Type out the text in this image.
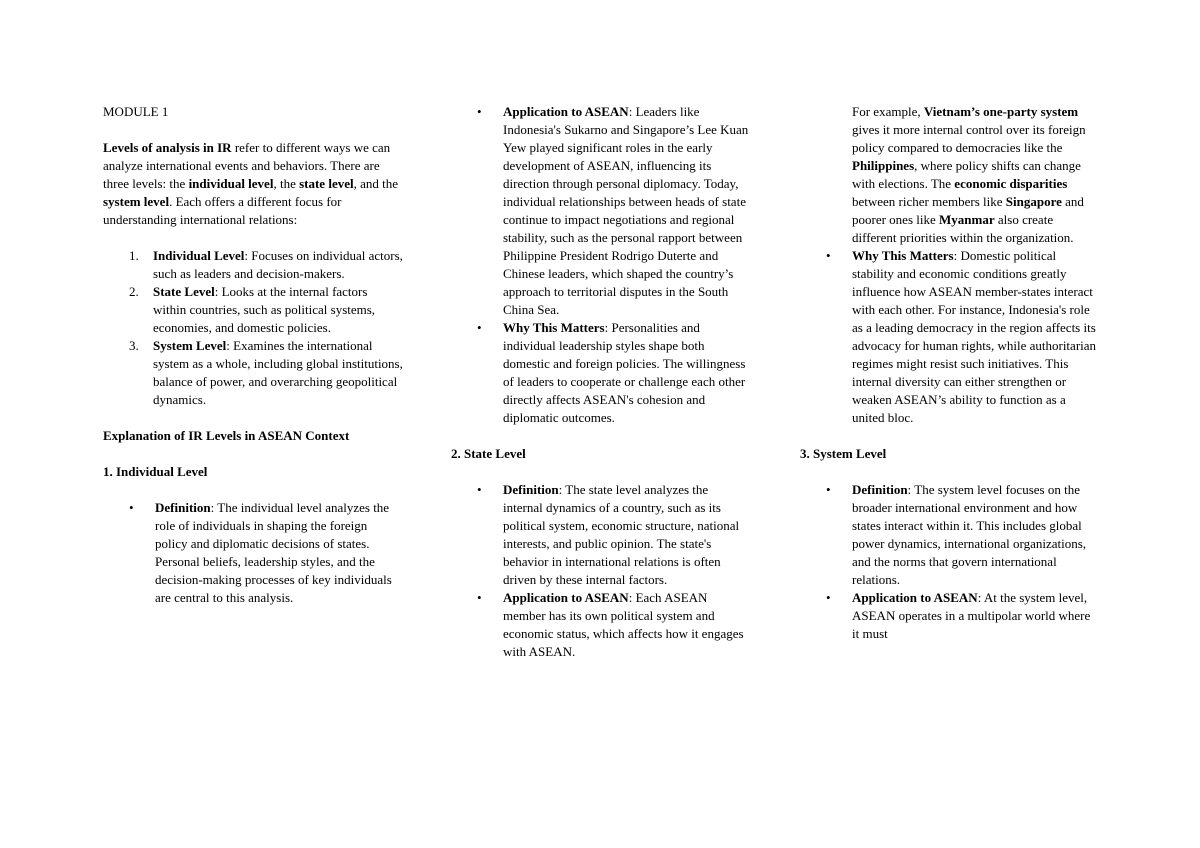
MODULE 1

Levels of analysis in IR refer to different ways we can analyze international events and behaviors. There are three levels: the individual level, the state level, and the system level. Each offers a different focus for understanding international relations:

1. Individual Level: Focuses on individual actors, such as leaders and decision-makers.
2. State Level: Looks at the internal factors within countries, such as political systems, economies, and domestic policies.
3. System Level: Examines the international system as a whole, including global institutions, balance of power, and overarching geopolitical dynamics.
Explanation of IR Levels in ASEAN Context
1. Individual Level
• Definition: The individual level analyzes the role of individuals in shaping the foreign policy and diplomatic decisions of states. Personal beliefs, leadership styles, and the decision-making processes of key individuals are central to this analysis.
• Application to ASEAN: Leaders like Indonesia's Sukarno and Singapore’s Lee Kuan Yew played significant roles in the early development of ASEAN, influencing its direction through personal diplomacy. Today, individual relationships between heads of state continue to impact negotiations and regional stability, such as the personal rapport between Philippine President Rodrigo Duterte and Chinese leaders, which shaped the country’s approach to territorial disputes in the South China Sea.
• Why This Matters: Personalities and individual leadership styles shape both domestic and foreign policies. The willingness of leaders to cooperate or challenge each other directly affects ASEAN's cohesion and diplomatic outcomes.
2. State Level
• Definition: The state level analyzes the internal dynamics of a country, such as its political system, economic structure, national interests, and public opinion. The state's behavior in international relations is often driven by these internal factors.
• Application to ASEAN: Each ASEAN member has its own political system and economic status, which affects how it engages with ASEAN.

For example, Vietnam’s one-party system gives it more internal control over its foreign policy compared to democracies like the Philippines, where policy shifts can change with elections. The economic disparities between richer members like Singapore and poorer ones like Myanmar also create different priorities within the organization.

• Why This Matters: Domestic political stability and economic conditions greatly influence how ASEAN member-states interact with each other. For instance, Indonesia's role as a leading democracy in the region affects its advocacy for human rights, while authoritarian regimes might resist such initiatives. This internal diversity can either strengthen or weaken ASEAN’s ability to function as a united bloc.
3. System Level
• Definition: The system level focuses on the broader international environment and how states interact within it. This includes global power dynamics, international organizations, and the norms that govern international relations.
• Application to ASEAN: At the system level, ASEAN operates in a multipolar world where it must
